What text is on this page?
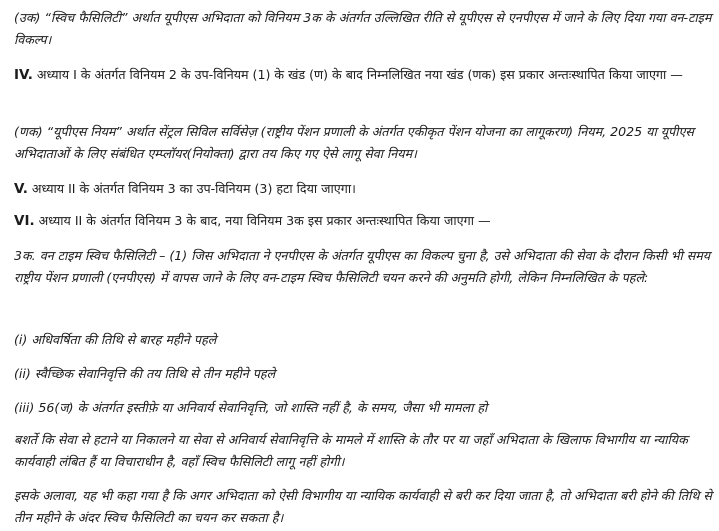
(उक) “स्विच फैसिलिटी” अर्थात यूपीएस अभिदाता को विनियम 3क के अंतर्गत उल्लिखित रीति से यूपीएस से एनपीएस में जाने के लिए दिया गया वन-टाइम विकल्प।

IV. अध्याय I के अंतर्गत विनियम 2 के उप-विनियम (1) के खंड (ण) के बाद निम्नलिखित नया खंड (णक) इस प्रकार अन्तःस्थापित किया जाएगा —

(णक) “यूपीएस नियम” अर्थात सेंट्रल सिविल सर्विसेज़ (राष्ट्रीय पेंशन प्रणाली के अंतर्गत एकीकृत पेंशन योजना का लागूकरण) नियम, 2025 या यूपीएस अभिदाताओं के लिए संबंधित एम्प्लॉयर(नियोक्ता) द्वारा तय किए गए ऐसे लागू सेवा नियम।

V. अध्याय II के अंतर्गत विनियम 3 का उप-विनियम (3) हटा दिया जाएगा।

VI. अध्याय II के अंतर्गत विनियम 3 के बाद, नया विनियम 3क इस प्रकार अन्तःस्थापित किया जाएगा —

3क. वन टाइम स्विच फैसिलिटी – (1) जिस अभिदाता ने एनपीएस के अंतर्गत यूपीएस का विकल्प चुना है, उसे अभिदाता की सेवा के दौरान किसी भी समय राष्ट्रीय पेंशन प्रणाली (एनपीएस) में वापस जाने के लिए वन-टाइम स्विच फैसिलिटी चयन करने की अनुमति होगी, लेकिन निम्नलिखित के पहले:

(i) अधिवर्षिता की तिथि से बारह महीने पहले

(ii) स्वैच्छिक सेवानिवृत्ति की तय तिथि से तीन महीने पहले

(iii) 56(ज) के अंतर्गत इस्तीफ़े या अनिवार्य सेवानिवृत्ति, जो शास्ति नहीं है, के समय, जैसा भी मामला हो

बशर्ते कि सेवा से हटाने या निकालने या सेवा से अनिवार्य सेवानिवृत्ति के मामले में शास्ति के तौर पर या जहाँ अभिदाता के खिलाफ विभागीय या न्यायिक कार्यवाही लंबित हैं या विचाराधीन है, वहाँ स्विच फैसिलिटी लागू नहीं होगी।

इसके अलावा, यह भी कहा गया है कि अगर अभिदाता को ऐसी विभागीय या न्यायिक कार्यवाही से बरी कर दिया जाता है, तो अभिदाता बरी होने की तिथि से तीन महीने के अंदर स्विच फैसिलिटी का चयन कर सकता है।
